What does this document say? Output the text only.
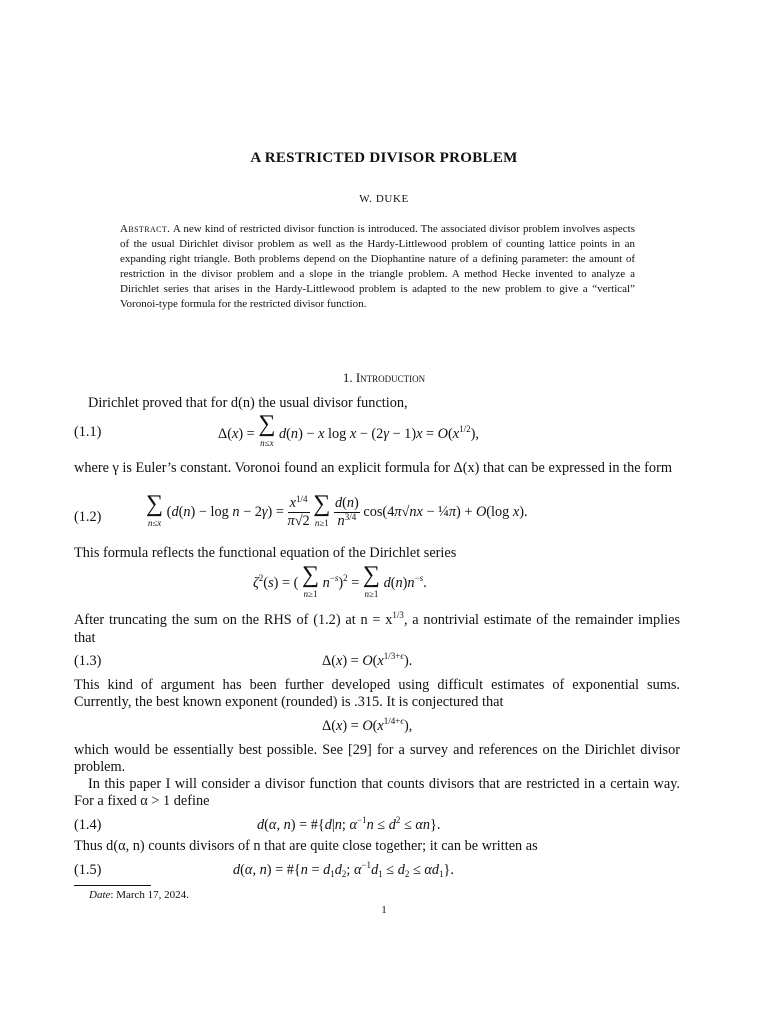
A RESTRICTED DIVISOR PROBLEM
W. DUKE
Abstract. A new kind of restricted divisor function is introduced. The associated divisor problem involves aspects of the usual Dirichlet divisor problem as well as the Hardy-Littlewood problem of counting lattice points in an expanding right triangle. Both problems depend on the Diophantine nature of a defining parameter: the amount of restriction in the divisor problem and a slope in the triangle problem. A method Hecke invented to analyze a Dirichlet series that arises in the Hardy-Littlewood problem is adapted to the new problem to give a “vertical” Voronoi-type formula for the restricted divisor function.
1. Introduction
Dirichlet proved that for d(n) the usual divisor function,
(1.1)	Δ(x) = ∑
n≤x d(n) − x $\log x - (2\gamma - 1)x = O(x^{1/2})$,
where γ is Euler’s constant. Voronoi found an explicit formula for Δ(x) that can be expressed in the form
(1.2) ∑
n≤x $(d(n) - \log n - 2\gamma) = \frac{x^{1/4}}{\pi√2}$ ∑
$n\ge 1 \frac{d(n)}{n^{3/4}} \cos(4\pi√nx$ − ¼π) + O(log x).
This formula reflects the functional equation of the Dirichlet series
$\zeta^2(s)$ = ( ∑
n≥1 $n^{-s})^2$ = ∑
n≥1 $d(n)n^{-s}$.
After truncating the sum on the RHS of (1.2) at $n = x^{1/3}$, a nontrivial estimate of the remainder implies that
(1.3)	$\Delta(x) = O(x^{1/3+\epsilon})$.
This kind of argument has been further developed using difficult estimates of exponential sums. Currently, the best known exponent (rounded) is .315. It is conjectured that
$\Delta(x) = O(x^{1/4+\epsilon})$,
which would be essentially best possible. See [29] for a survey and references on the Dirichlet divisor problem.
In this paper I will consider a divisor function that counts divisors that are restricted in a certain way. For a fixed α > 1 define
(1.4)	d(α, n) = #{d|n; $\alpha^{-1}n \le d^2 \le \alpha n$}.
Thus d(α, n) counts divisors of n that are quite close together; it can be written as
(1.5)	d(α, n) = #{n = $d_1d_2$; $\alpha^{-1}d_1 \le d_2 \le \alpha d_1$}.
Date: March 17, 2024.
1
